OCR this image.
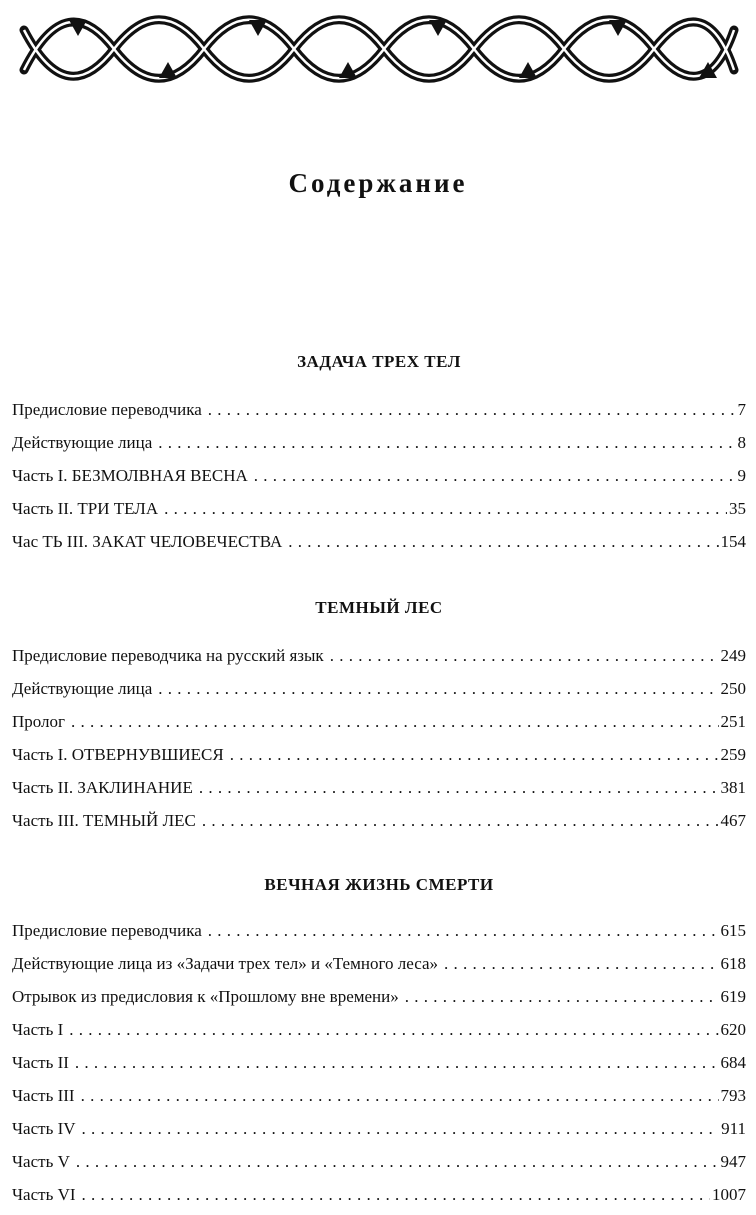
Содержание
ЗАДАЧА ТРЕХ ТЕЛ
Предисловие переводчика . . .	7
Действующие лица . . .	8
Часть I. БЕЗМОЛВНАЯ ВЕСНА . . .	9
Часть II. ТРИ ТЕЛА . . .	35
Час ТЬ III. ЗАКАТ ЧЕЛОВЕЧЕСТВА . . .	154
ТЕМНЫЙ ЛЕС
Предисловие переводчика на русский язык . . .	249
Действующие лица . . .	250
Пролог . . .	251
Часть I. ОТВЕРНУВШИЕСЯ . . .	259
Часть II. ЗАКЛИНАНИЕ . . .	381
Часть III. ТЕМНЫЙ ЛЕС . . .	467
ВЕЧНАЯ ЖИЗНЬ СМЕРТИ
Предисловие переводчика . . .	615
Действующие лица из «Задачи трех тел» и «Темного леса» . . .	618
Отрывок из предисловия к «Прошлому вне времени» . . .	619
Часть I . . .	620
Часть II . . .	684
Часть III . . .	793
Часть IV . . .	911
Часть V . . .	947
Часть VI . . .	1007
